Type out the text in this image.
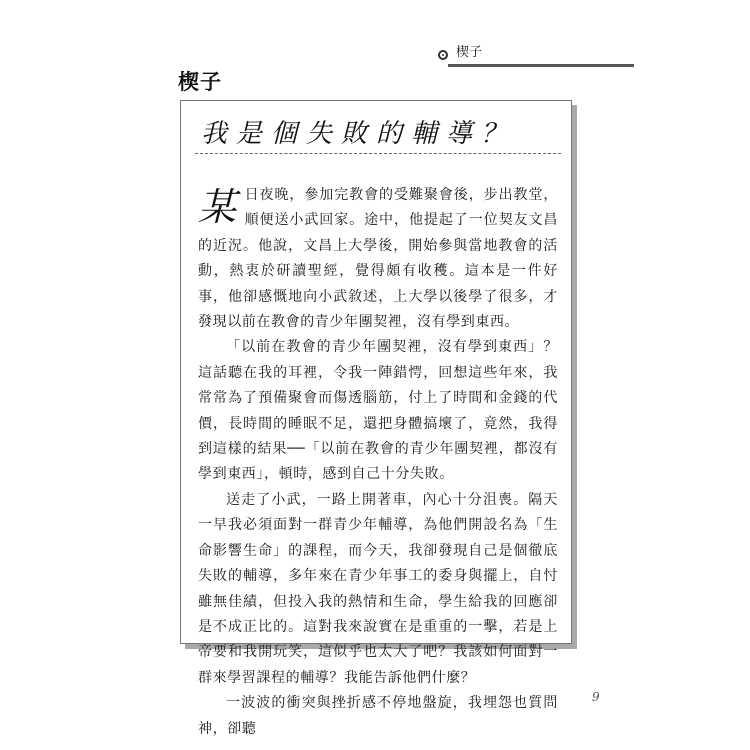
楔子
楔子
我是個失敗的輔導？

某日夜晚，參加完教會的受難聚會後，步出教堂，順便送小武回家。途中，他提起了一位契友文昌的近況。他說，文昌上大學後，開始參與當地教會的活動，熱衷於研讀聖經，覺得頗有收穫。這本是一件好事，他卻感慨地向小武敘述，上大學以後學了很多，才發現以前在教會的青少年團契裡，沒有學到東西。

「以前在教會的青少年團契裡，沒有學到東西」？這話聽在我的耳裡，令我一陣錯愕，回想這些年來，我常常為了預備聚會而傷透腦筋，付上了時間和金錢的代價，長時間的睡眠不足，還把身體搞壞了，竟然，我得到這樣的結果──「以前在教會的青少年團契裡，都沒有學到東西」，頓時，感到自己十分失敗。

送走了小武，一路上開著車，內心十分沮喪。隔天一早我必須面對一群青少年輔導，為他們開設名為「生命影響生命」的課程，而今天，我卻發現自己是個徹底失敗的輔導，多年來在青少年事工的委身與擺上，自忖雖無佳績，但投入我的熱情和生命，學生給我的回應卻是不成正比的。這對我來說實在是重重的一擊，若是上帝要和我開玩笑，這似乎也太大了吧？我該如何面對一群來學習課程的輔導？我能告訴他們什麼？

一波波的衝突與挫折感不停地盤旋，我埋怨也質問神，卻聽

9
